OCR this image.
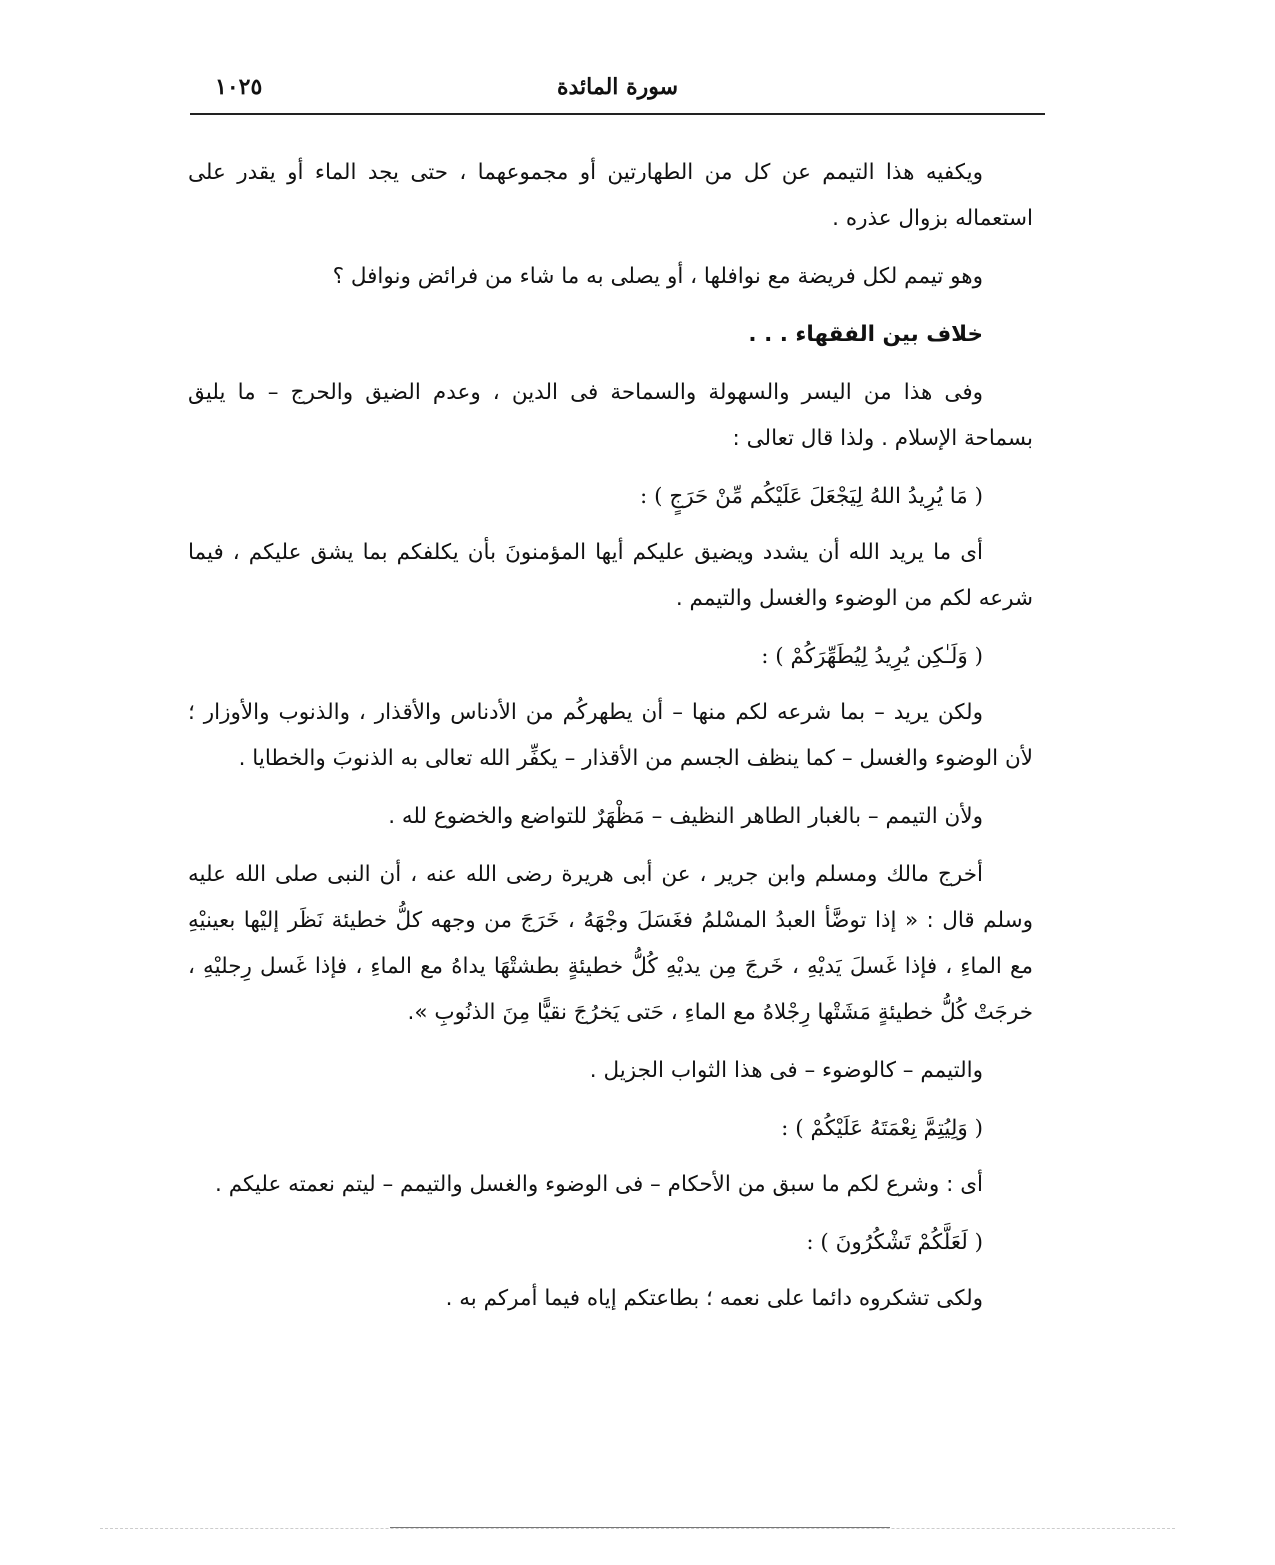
سورة المائدة
١٠٢٥

ويكفيه هذا التيمم عن كل من الطهارتين أو مجموعهما ، حتى يجد الماء أو يقدر على استعماله بزوال عذره .

وهو تيمم لكل فريضة مع نوافلها ، أو يصلى به ما شاء من فرائض ونوافل ؟

خلاف بين الفقهاء . . .

وفى هذا من اليسر والسهولة والسماحة فى الدين ، وعدم الضيق والحرج – ما يليق بسماحة الإسلام . ولذا قال تعالى :

( مَا يُرِيدُ اللهُ لِيَجْعَلَ عَلَيْكُم مِّنْ حَرَجٍ ) :

أى ما يريد الله أن يشدد ويضيق عليكم أيها المؤمنونَ بأن يكلفكم بما يشق عليكم ، فيما شرعه لكم من الوضوء والغسل والتيمم .

( وَلَـٰكِن يُرِيدُ لِيُطَهِّرَكُمْ ) :

ولكن يريد – بما شرعه لكم منها – أن يطهركُم من الأدناس والأقذار ، والذنوب والأوزار ؛ لأن الوضوء والغسل – كما ينظف الجسم من الأقذار – يكفِّر الله تعالى به الذنوبَ والخطايا .

ولأن التيمم – بالغبار الطاهر النظيف – مَظْهَرٌ للتواضع والخضوع لله .

أخرج مالك ومسلم وابن جرير ، عن أبى هريرة رضى الله عنه ، أن النبى صلى الله عليه وسلم قال : « إذا توضَّأ العبدُ المسْلمُ فغَسَلَ وجْهَهُ ، خَرَجَ من وجهه كلُّ خطيئة نَظَر إليْها بعينيْهِ مع الماءِ ، فإذا غَسلَ يَديْهِ ، خَرجَ مِن يديْهِ كُلُّ خطيئةٍ بطشتْهَا يداهُ مع الماءِ ، فإذا غَسل رِجليْهِ ، خرجَتْ كُلُّ خطيئةٍ مَشَتْها رِجْلاهُ مع الماءِ ، حَتى يَخرُجَ نقيًّا مِنَ الذنُوبِ ».

والتيمم – كالوضوء – فى هذا الثواب الجزيل .

( وَلِيُتِمَّ نِعْمَتَهُ عَلَيْكُمْ ) :

أى : وشرع لكم ما سبق من الأحكام – فى الوضوء والغسل والتيمم – ليتم نعمته عليكم .

( لَعَلَّكُمْ تَشْكُرُونَ ) :

ولكى تشكروه دائما على نعمه ؛ بطاعتكم إياه فيما أمركم به .
